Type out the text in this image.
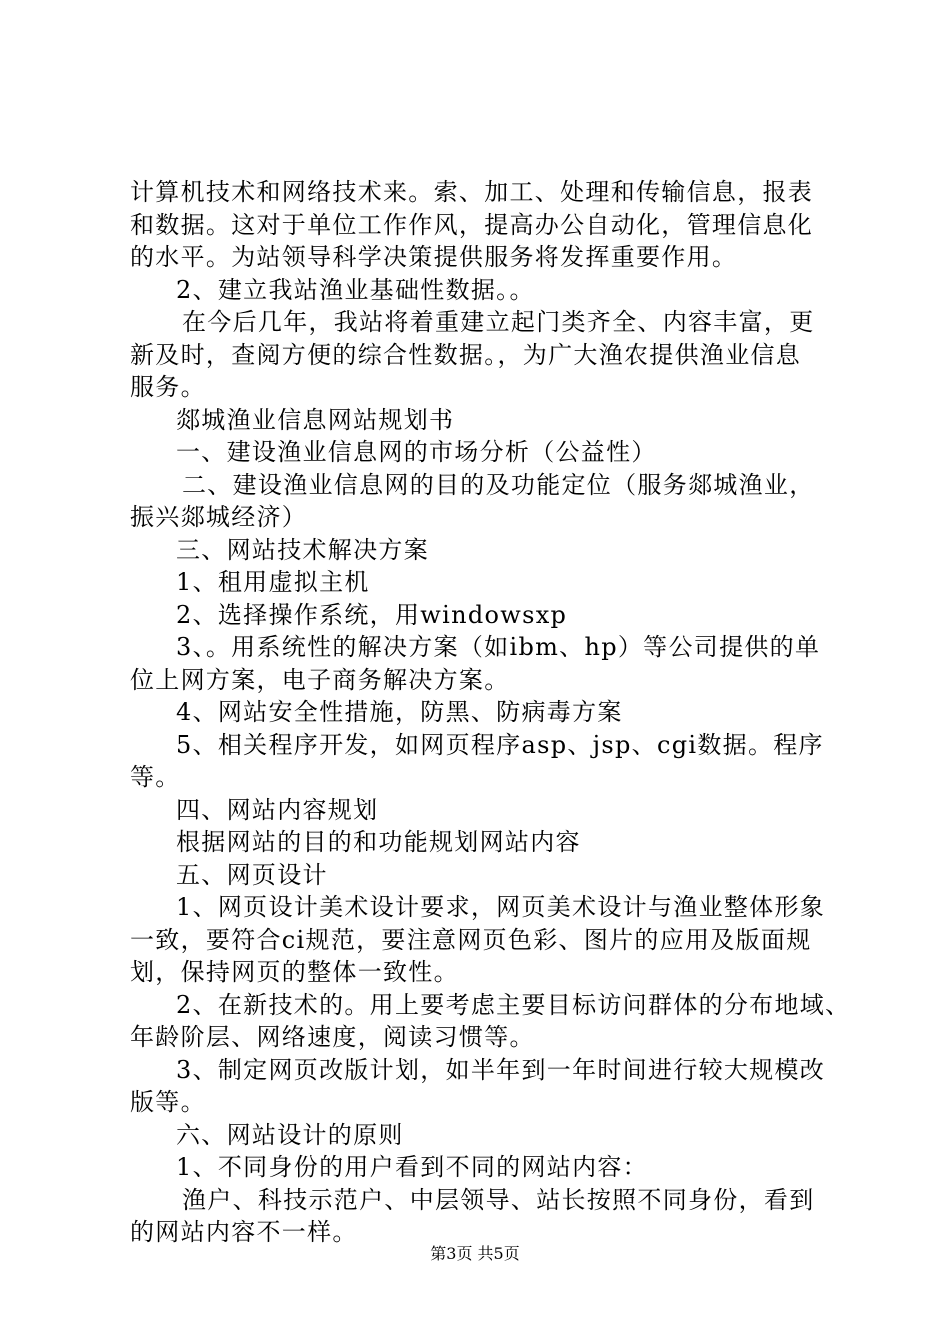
计算机技术和网络技术来。索、加工、处理和传输信息，报表
和数据。这对于单位工作作风，提高办公自动化，管理信息化
的水平。为站领导科学决策提供服务将发挥重要作用。
2、建立我站渔业基础性数据。。
在今后几年，我站将着重建立起门类齐全、内容丰富，更
新及时，查阅方便的综合性数据。，为广大渔农提供渔业信息
服务。
郯城渔业信息网站规划书
一、建设渔业信息网的市场分析（公益性）
二、建设渔业信息网的目的及功能定位（服务郯城渔业，
振兴郯城经济）
三、网站技术解决方案
1、租用虚拟主机
2、选择操作系统，用windowsxp
3、。用系统性的解决方案（如ibm、hp）等公司提供的单
位上网方案，电子商务解决方案。
4、网站安全性措施，防黑、防病毒方案
5、相关程序开发，如网页程序asp、jsp、cgi数据。程序
等。
四、网站内容规划
根据网站的目的和功能规划网站内容
五、网页设计
1、网页设计美术设计要求，网页美术设计与渔业整体形象
一致，要符合ci规范，要注意网页色彩、图片的应用及版面规
划，保持网页的整体一致性。
2、在新技术的。用上要考虑主要目标访问群体的分布地域、
年龄阶层、网络速度，阅读习惯等。
3、制定网页改版计划，如半年到一年时间进行较大规模改
版等。
六、网站设计的原则
1、不同身份的用户看到不同的网站内容：
渔户、科技示范户、中层领导、站长按照不同身份，看到
的网站内容不一样。
第3页 共5页
